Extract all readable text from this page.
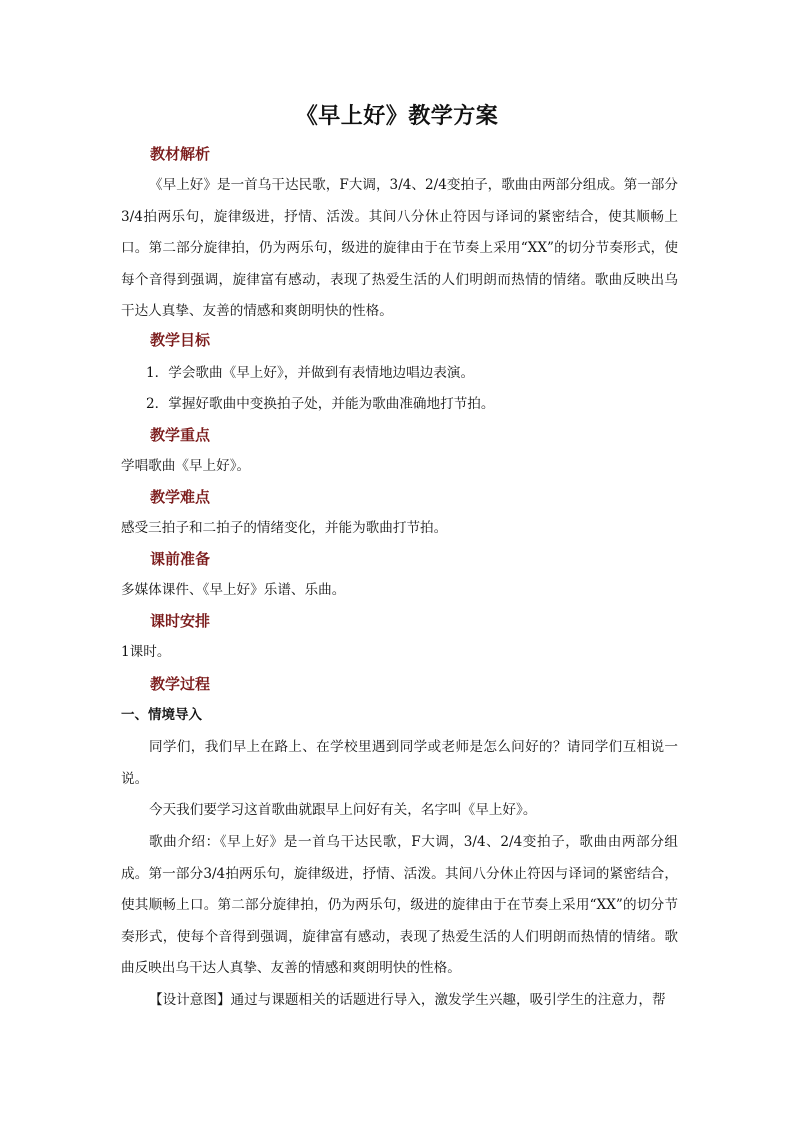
《早上好》教学方案
教材解析
《早上好》是一首乌干达民歌，F大调，3/4、2/4变拍子，歌曲由两部分组成。第一部分3/4拍两乐句，旋律级进，抒情、活泼。其间八分休止符因与译词的紧密结合，使其顺畅上口。第二部分旋律拍，仍为两乐句，级进的旋律由于在节奏上采用“XX”的切分节奏形式，使每个音得到强调，旋律富有感动，表现了热爱生活的人们明朗而热情的情绪。歌曲反映出乌干达人真挚、友善的情感和爽朗明快的性格。
教学目标
1．学会歌曲《早上好》，并做到有表情地边唱边表演。
2．掌握好歌曲中变换拍子处，并能为歌曲准确地打节拍。
教学重点
学唱歌曲《早上好》。
教学难点
感受三拍子和二拍子的情绪变化，并能为歌曲打节拍。
课前准备
多媒体课件、《早上好》乐谱、乐曲。
课时安排
1课时。
教学过程
一、情境导入
同学们，我们早上在路上、在学校里遇到同学或老师是怎么问好的？请同学们互相说一说。
今天我们要学习这首歌曲就跟早上问好有关，名字叫《早上好》。
歌曲介绍：《早上好》是一首乌干达民歌，F大调，3/4、2/4变拍子，歌曲由两部分组成。第一部分3/4拍两乐句，旋律级进，抒情、活泼。其间八分休止符因与译词的紧密结合，使其顺畅上口。第二部分旋律拍，仍为两乐句，级进的旋律由于在节奏上采用“XX”的切分节奏形式，使每个音得到强调，旋律富有感动，表现了热爱生活的人们明朗而热情的情绪。歌曲反映出乌干达人真挚、友善的情感和爽朗明快的性格。
【设计意图】通过与课题相关的话题进行导入，激发学生兴趣，吸引学生的注意力，帮
